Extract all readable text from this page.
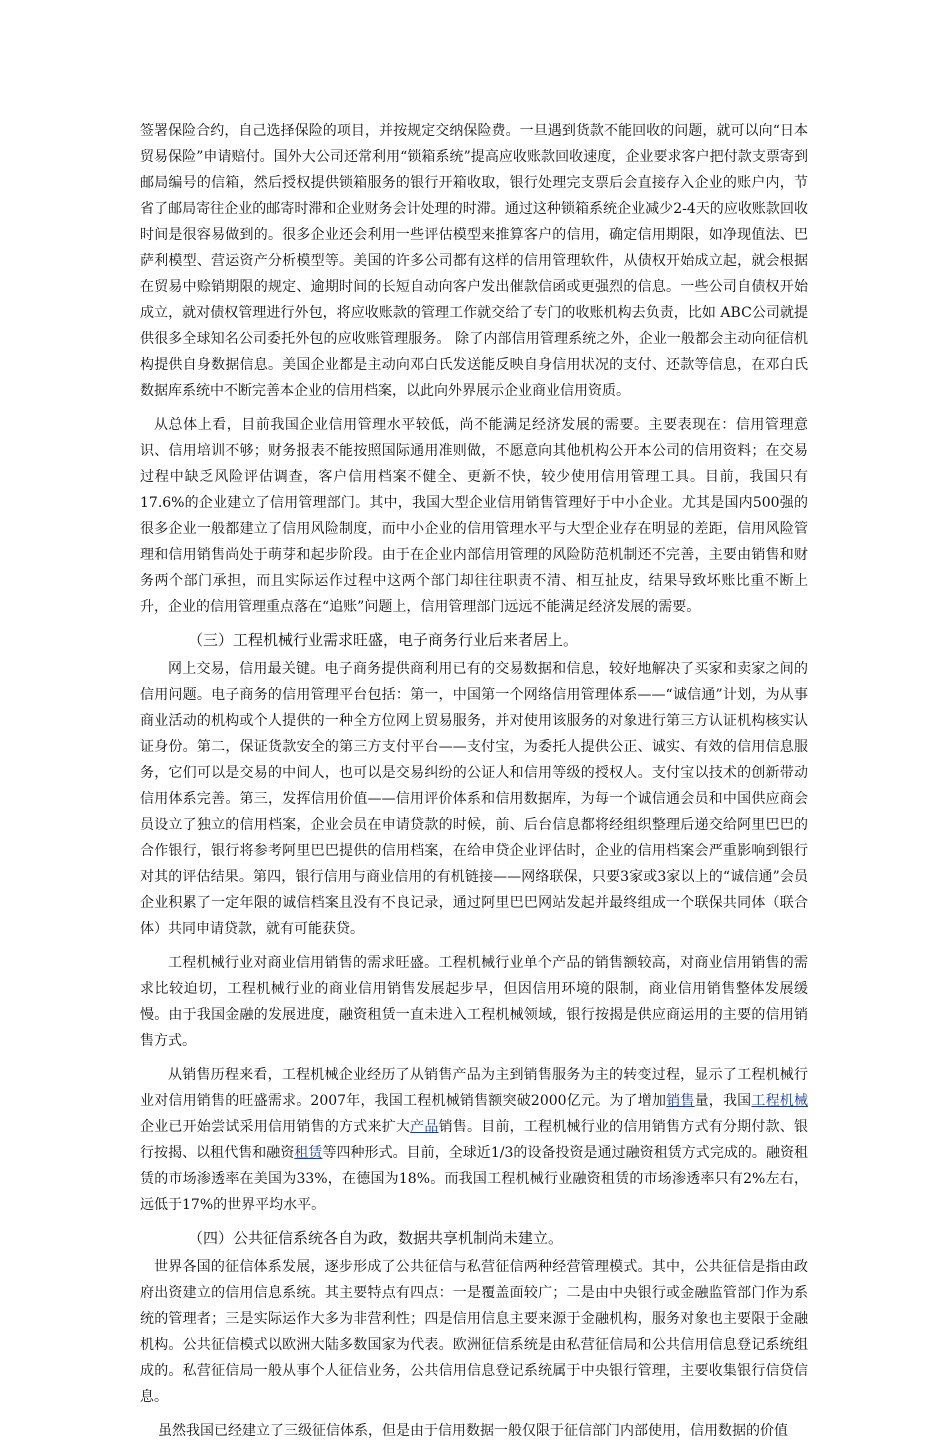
签署保险合约，自己选择保险的项目，并按规定交纳保险费。一旦遇到货款不能回收的问题，就可以向“日本贸易保险”申请赔付。国外大公司还常利用“锁箱系统”提高应收账款回收速度，企业要求客户把付款支票寄到邮局编号的信箱，然后授权提供锁箱服务的银行开箱收取，银行处理完支票后会直接存入企业的账户内，节省了邮局寄往企业的邮寄时滞和企业财务会计处理的时滞。通过这种锁箱系统企业减少2-4天的应收账款回收时间是很容易做到的。很多企业还会利用一些评估模型来推算客户的信用，确定信用期限，如净现值法、巴萨利模型、营运资产分析模型等。美国的许多公司都有这样的信用管理软件，从债权开始成立起，就会根据在贸易中赊销期限的规定、逾期时间的长短自动向客户发出催款信函或更强烈的信息。一些公司自债权开始成立，就对债权管理进行外包，将应收账款的管理工作就交给了专门的收账机构去负责，比如 ABC公司就提供很多全球知名公司委托外包的应收账管理服务。 除了内部信用管理系统之外，企业一般都会主动向征信机构提供自身数据信息。美国企业都是主动向邓白氏发送能反映自身信用状况的支付、还款等信息，在邓白氏数据库系统中不断完善本企业的信用档案，以此向外界展示企业商业信用资质。

从总体上看，目前我国企业信用管理水平较低，尚不能满足经济发展的需要。主要表现在：信用管理意识、信用培训不够；财务报表不能按照国际通用准则做，不愿意向其他机构公开本公司的信用资料；在交易过程中缺乏风险评估调查，客户信用档案不健全、更新不快，较少使用信用管理工具。目前，我国只有17.6%的企业建立了信用管理部门。其中，我国大型企业信用销售管理好于中小企业。尤其是国内500强的很多企业一般都建立了信用风险制度，而中小企业的信用管理水平与大型企业存在明显的差距，信用风险管理和信用销售尚处于萌芽和起步阶段。由于在企业内部信用管理的风险防范机制还不完善，主要由销售和财务两个部门承担，而且实际运作过程中这两个部门却往往职责不清、相互扯皮，结果导致坏账比重不断上升，企业的信用管理重点落在“追账”问题上，信用管理部门远远不能满足经济发展的需要。

（三）工程机械行业需求旺盛，电子商务行业后来者居上。

网上交易，信用最关键。电子商务提供商利用已有的交易数据和信息，较好地解决了买家和卖家之间的信用问题。电子商务的信用管理平台包括：第一，中国第一个网络信用管理体系——“诚信通”计划，为从事商业活动的机构或个人提供的一种全方位网上贸易服务，并对使用该服务的对象进行第三方认证机构核实认证身份。第二，保证货款安全的第三方支付平台——支付宝，为委托人提供公正、诚实、有效的信用信息服务，它们可以是交易的中间人，也可以是交易纠纷的公证人和信用等级的授权人。支付宝以技术的创新带动信用体系完善。第三，发挥信用价值——信用评价体系和信用数据库，为每一个诚信通会员和中国供应商会员设立了独立的信用档案，企业会员在申请贷款的时候，前、后台信息都将经组织整理后递交给阿里巴巴的合作银行，银行将参考阿里巴巴提供的信用档案，在给申贷企业评估时，企业的信用档案会严重影响到银行对其的评估结果。第四，银行信用与商业信用的有机链接——网络联保，只要3家或3家以上的“诚信通”会员企业积累了一定年限的诚信档案且没有不良记录，通过阿里巴巴网站发起并最终组成一个联保共同体（联合体）共同申请贷款，就有可能获贷。

工程机械行业对商业信用销售的需求旺盛。工程机械行业单个产品的销售额较高，对商业信用销售的需求比较迫切，工程机械行业的商业信用销售发展起步早，但因信用环境的限制，商业信用销售整体发展缓慢。由于我国金融的发展进度，融资租赁一直未进入工程机械领域，银行按揭是供应商运用的主要的信用销售方式。

从销售历程来看，工程机械企业经历了从销售产品为主到销售服务为主的转变过程，显示了工程机械行业对信用销售的旺盛需求。2007年，我国工程机械销售额突破2000亿元。为了增加销售量，我国工程机械企业已开始尝试采用信用销售的方式来扩大产品销售。目前，工程机械行业的信用销售方式有分期付款、银行按揭、以租代售和融资租赁等四种形式。目前，全球近1/3的设备投资是通过融资租赁方式完成的。融资租赁的市场渗透率在美国为33%，在德国为18%。而我国工程机械行业融资租赁的市场渗透率只有2%左右，远低于17%的世界平均水平。

（四）公共征信系统各自为政，数据共享机制尚未建立。

世界各国的征信体系发展，逐步形成了公共征信与私营征信两种经营管理模式。其中，公共征信是指由政府出资建立的信用信息系统。其主要特点有四点：一是覆盖面较广；二是由中央银行或金融监管部门作为系统的管理者；三是实际运作大多为非营利性；四是信用信息主要来源于金融机构，服务对象也主要限于金融机构。公共征信模式以欧洲大陆多数国家为代表。欧洲征信系统是由私营征信局和公共信用信息登记系统组成的。私营征信局一般从事个人征信业务，公共信用信息登记系统属于中央银行管理，主要收集银行信贷信息。

虽然我国已经建立了三级征信体系，但是由于信用数据一般仅限于征信部门内部使用，信用数据的价值
